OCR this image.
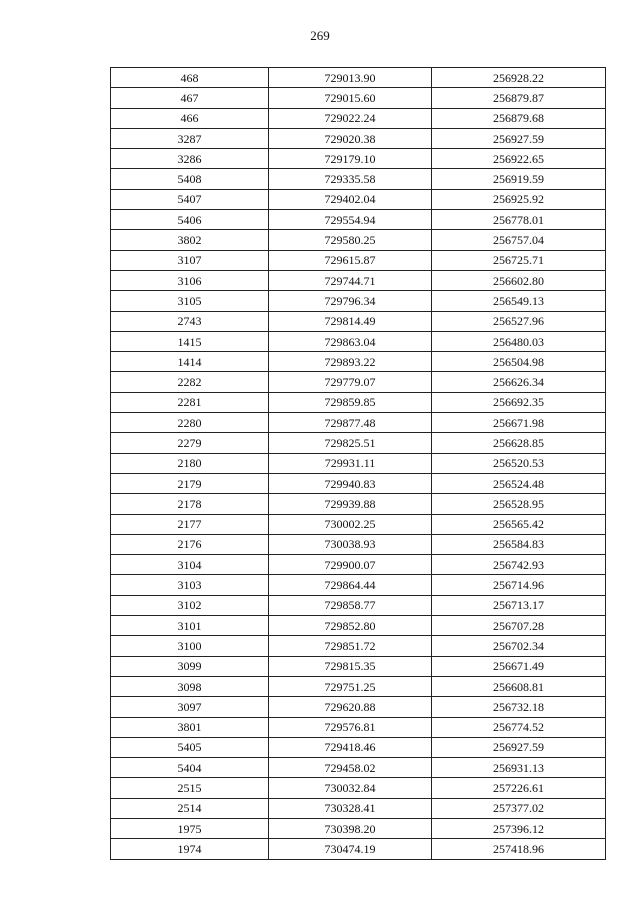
269
468	729013.90	256928.22
467	729015.60	256879.87
466	729022.24	256879.68
3287	729020.38	256927.59
3286	729179.10	256922.65
5408	729335.58	256919.59
5407	729402.04	256925.92
5406	729554.94	256778.01
3802	729580.25	256757.04
3107	729615.87	256725.71
3106	729744.71	256602.80
3105	729796.34	256549.13
2743	729814.49	256527.96
1415	729863.04	256480.03
1414	729893.22	256504.98
2282	729779.07	256626.34
2281	729859.85	256692.35
2280	729877.48	256671.98
2279	729825.51	256628.85
2180	729931.11	256520.53
2179	729940.83	256524.48
2178	729939.88	256528.95
2177	730002.25	256565.42
2176	730038.93	256584.83
3104	729900.07	256742.93
3103	729864.44	256714.96
3102	729858.77	256713.17
3101	729852.80	256707.28
3100	729851.72	256702.34
3099	729815.35	256671.49
3098	729751.25	256608.81
3097	729620.88	256732.18
3801	729576.81	256774.52
5405	729418.46	256927.59
5404	729458.02	256931.13
2515	730032.84	257226.61
2514	730328.41	257377.02
1975	730398.20	257396.12
1974	730474.19	257418.96
